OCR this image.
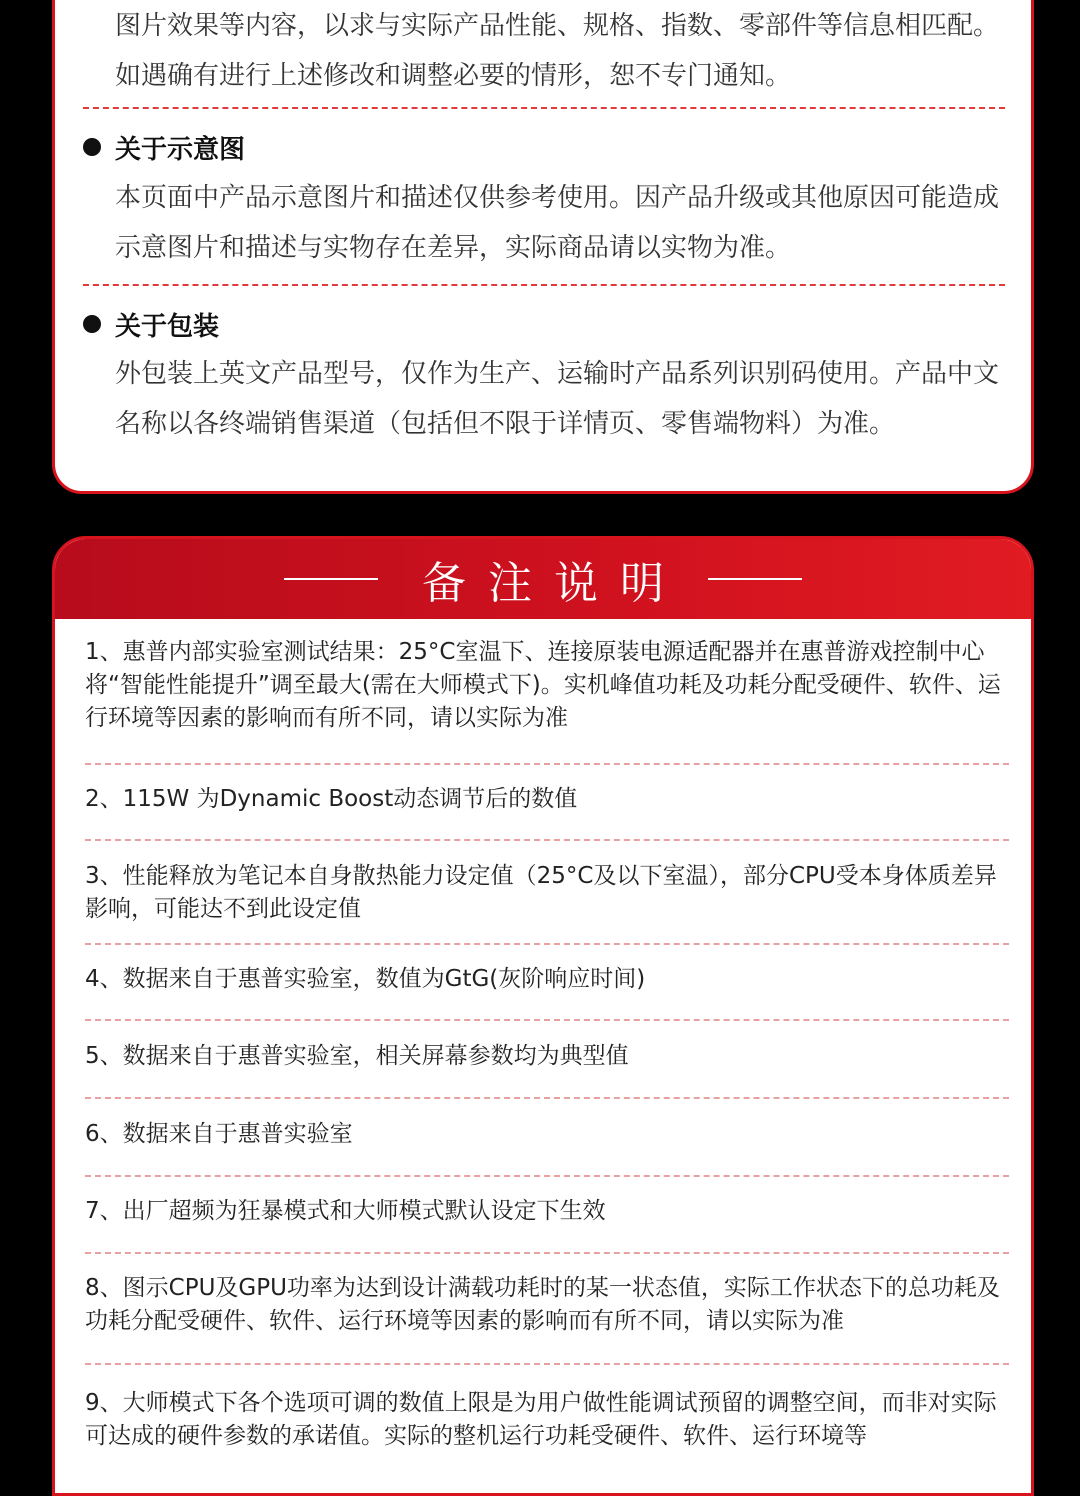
图片效果等内容，以求与实际产品性能、规格、指数、零部件等信息相匹配。如遇确有进行上述修改和调整必要的情形，恕不专门通知。

关于示意图

本页面中产品示意图片和描述仅供参考使用。因产品升级或其他原因可能造成示意图片和描述与实物存在差异，实际商品请以实物为准。

关于包装

外包装上英文产品型号，仅作为生产、运输时产品系列识别码使用。产品中文名称以各终端销售渠道（包括但不限于详情页、零售端物料）为准。

备注说明

1、惠普内部实验室测试结果：25°C室温下、连接原装电源适配器并在惠普游戏控制中心将“智能性能提升”调至最大(需在大师模式下)。实机峰值功耗及功耗分配受硬件、软件、运行环境等因素的影响而有所不同，请以实际为准

2、115W 为Dynamic Boost动态调节后的数值

3、性能释放为笔记本自身散热能力设定值（25°C及以下室温），部分CPU受本身体质差异影响，可能达不到此设定值

4、数据来自于惠普实验室，数值为GtG(灰阶响应时间)

5、数据来自于惠普实验室，相关屏幕参数均为典型值

6、数据来自于惠普实验室

7、出厂超频为狂暴模式和大师模式默认设定下生效

8、图示CPU及GPU功率为达到设计满载功耗时的某一状态值，实际工作状态下的总功耗及功耗分配受硬件、软件、运行环境等因素的影响而有所不同，请以实际为准

9、大师模式下各个选项可调的数值上限是为用户做性能调试预留的调整空间，而非对实际可达成的硬件参数的承诺值。实际的整机运行功耗受硬件、软件、运行环境等
